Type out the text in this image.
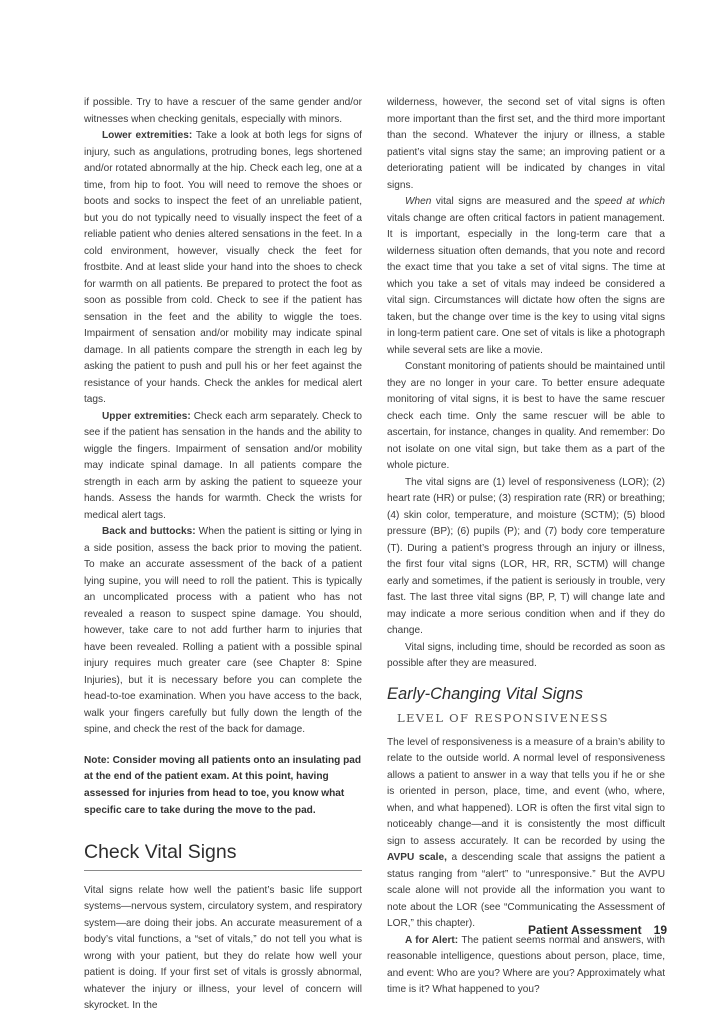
if possible. Try to have a rescuer of the same gender and/or witnesses when checking genitals, especially with minors.

Lower extremities: Take a look at both legs for signs of injury, such as angulations, protruding bones, legs shortened and/or rotated abnormally at the hip. Check each leg, one at a time, from hip to foot. You will need to remove the shoes or boots and socks to inspect the feet of an unreliable patient, but you do not typically need to visually inspect the feet of a reliable patient who denies altered sensations in the feet. In a cold environment, however, visually check the feet for frostbite. And at least slide your hand into the shoes to check for warmth on all patients. Be prepared to protect the foot as soon as possible from cold. Check to see if the patient has sensation in the feet and the ability to wiggle the toes. Impairment of sensation and/or mobility may indicate spinal damage. In all patients compare the strength in each leg by asking the patient to push and pull his or her feet against the resistance of your hands. Check the ankles for medical alert tags.

Upper extremities: Check each arm separately. Check to see if the patient has sensation in the hands and the ability to wiggle the fingers. Impairment of sensation and/or mobility may indicate spinal damage. In all patients compare the strength in each arm by asking the patient to squeeze your hands. Assess the hands for warmth. Check the wrists for medical alert tags.

Back and buttocks: When the patient is sitting or lying in a side position, assess the back prior to moving the patient. To make an accurate assessment of the back of a patient lying supine, you will need to roll the patient. This is typically an uncomplicated process with a patient who has not revealed a reason to suspect spine damage. You should, however, take care to not add further harm to injuries that have been revealed. Rolling a patient with a possible spinal injury requires much greater care (see Chapter 8: Spine Injuries), but it is necessary before you can complete the head-to-toe examination. When you have access to the back, walk your fingers carefully but fully down the length of the spine, and check the rest of the back for damage.

Note: Consider moving all patients onto an insulating pad at the end of the patient exam. At this point, having assessed for injuries from head to toe, you know what specific care to take during the move to the pad.
Check Vital Signs

Vital signs relate how well the patient’s basic life support systems—nervous system, circulatory system, and respiratory system—are doing their jobs. An accurate measurement of a body’s vital functions, a “set of vitals,” do not tell you what is wrong with your patient, but they do relate how well your patient is doing. If your first set of vitals is grossly abnormal, whatever the injury or illness, your level of concern will skyrocket. In the

wilderness, however, the second set of vital signs is often more important than the first set, and the third more important than the second. Whatever the injury or illness, a stable patient’s vital signs stay the same; an improving patient or a deteriorating patient will be indicated by changes in vital signs.

When vital signs are measured and the speed at which vitals change are often critical factors in patient management. It is important, especially in the long-term care that a wilderness situation often demands, that you note and record the exact time that you take a set of vital signs. The time at which you take a set of vitals may indeed be considered a vital sign. Circumstances will dictate how often the signs are taken, but the change over time is the key to using vital signs in long-term patient care. One set of vitals is like a photograph while several sets are like a movie.

Constant monitoring of patients should be maintained until they are no longer in your care. To better ensure adequate monitoring of vital signs, it is best to have the same rescuer check each time. Only the same rescuer will be able to ascertain, for instance, changes in quality. And remember: Do not isolate on one vital sign, but take them as a part of the whole picture.

The vital signs are (1) level of responsiveness (LOR); (2) heart rate (HR) or pulse; (3) respiration rate (RR) or breathing; (4) skin color, temperature, and moisture (SCTM); (5) blood pressure (BP); (6) pupils (P); and (7) body core temperature (T). During a patient’s progress through an injury or illness, the first four vital signs (LOR, HR, RR, SCTM) will change early and sometimes, if the patient is seriously in trouble, very fast. The last three vital signs (BP, P, T) will change late and may indicate a more serious condition when and if they do change.

Vital signs, including time, should be recorded as soon as possible after they are measured.

Early-Changing Vital Signs
LEVEL OF RESPONSIVENESS

The level of responsiveness is a measure of a brain’s ability to relate to the outside world. A normal level of responsiveness allows a patient to answer in a way that tells you if he or she is oriented in person, place, time, and event (who, where, when, and what happened). LOR is often the first vital sign to noticeably change—and it is consistently the most difficult sign to assess accurately. It can be recorded by using the AVPU scale, a descending scale that assigns the patient a status ranging from “alert” to “unresponsive.” But the AVPU scale alone will not provide all the information you want to note about the LOR (see “Communicating the Assessment of LOR,” this chapter).

A for Alert: The patient seems normal and answers, with reasonable intelligence, questions about person, place, time, and event: Who are you? Where are you? Approximately what time is it? What happened to you?

Patient Assessment 19
